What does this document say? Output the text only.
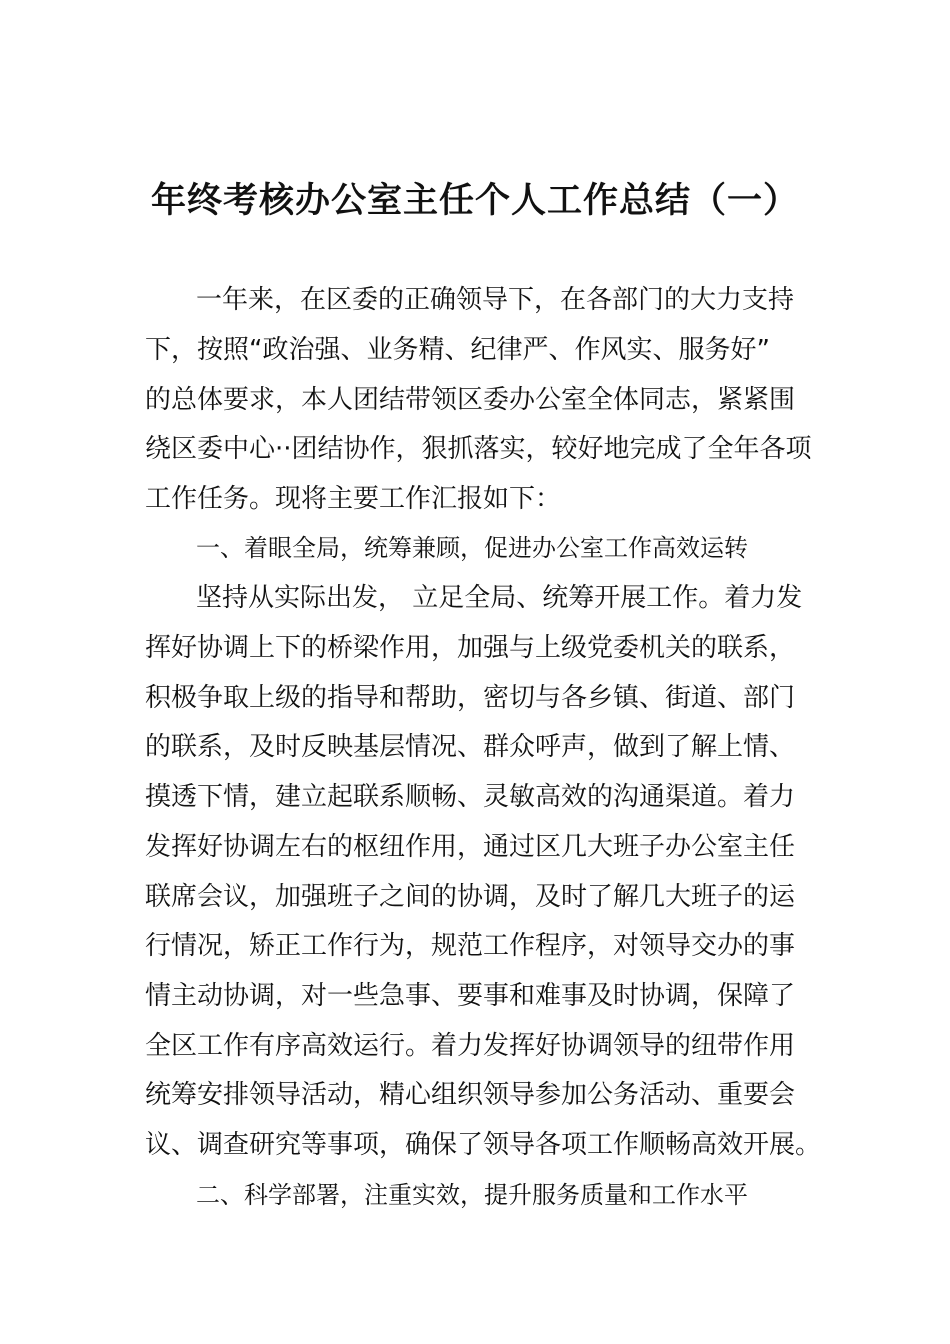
年终考核办公室主任个人工作总结（一）

一年来，在区委的正确领导下，在各部门的大力支持

下，按照“政治强、业务精、纪律严、作风实、服务好”

的总体要求，本人团结带领区委办公室全体同志，紧紧围

绕区委中心··团结协作，狠抓落实，较好地完成了全年各项

工作任务。现将主要工作汇报如下：

一、着眼全局，统筹兼顾，促进办公室工作高效运转

坚持从实际出发， 立足全局、统筹开展工作。着力发

挥好协调上下的桥梁作用，加强与上级党委机关的联系，

积极争取上级的指导和帮助，密切与各乡镇、街道、部门

的联系，及时反映基层情况、群众呼声，做到了解上情、

摸透下情，建立起联系顺畅、灵敏高效的沟通渠道。着力

发挥好协调左右的枢纽作用，通过区几大班子办公室主任

联席会议，加强班子之间的协调，及时了解几大班子的运

行情况，矫正工作行为，规范工作程序，对领导交办的事

情主动协调，对一些急事、要事和难事及时协调，保障了

全区工作有序高效运行。着力发挥好协调领导的纽带作用

统筹安排领导活动，精心组织领导参加公务活动、重要会

议、调查研究等事项，确保了领导各项工作顺畅高效开展。

二、科学部署，注重实效，提升服务质量和工作水平
